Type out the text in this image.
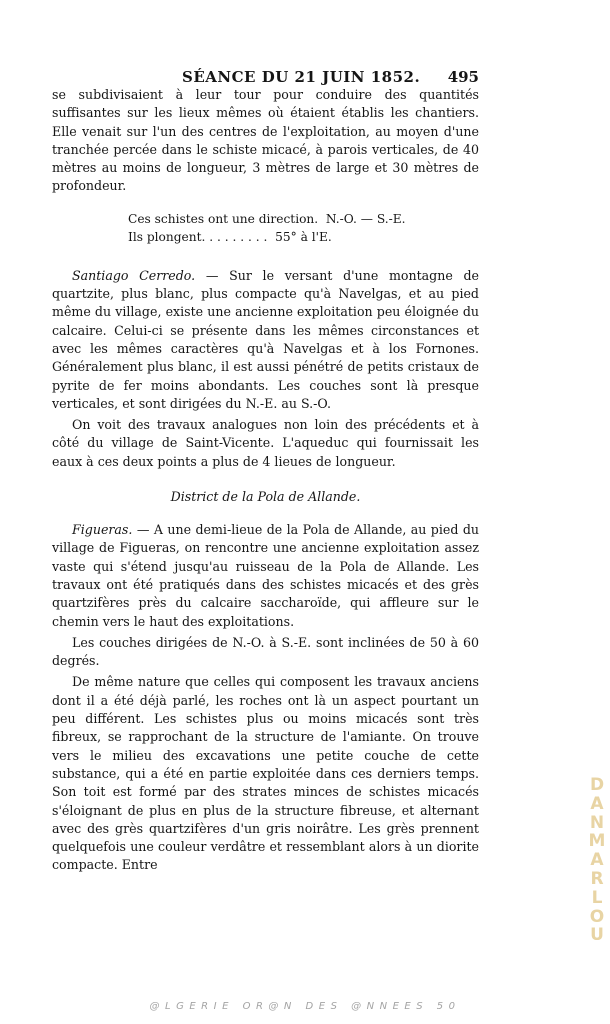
SÉANCE DU 21 JUIN 1852. 495

se subdivisaient à leur tour pour conduire des quantités suffisantes sur les lieux mêmes où étaient établis les chantiers. Elle venait sur l'un des centres de l'exploitation, au moyen d'une tranchée percée dans le schiste micacé, à parois verticales, de 40 mètres au moins de longueur, 3 mètres de large et 30 mètres de profondeur.

Ces schistes ont une direction.  N.-O. — S.-E.
Ils plongent. . . . . . . . .  55° à l'E.

Santiago Cerredo. — Sur le versant d'une montagne de quartzite, plus blanc, plus compacte qu'à Navelgas, et au pied même du village, existe une ancienne exploitation peu éloignée du calcaire. Celui-ci se présente dans les mêmes circonstances et avec les mêmes caractères qu'à Navelgas et à los Fornones. Généralement plus blanc, il est aussi pénétré de petits cristaux de pyrite de fer moins abondants. Les couches sont là presque verticales, et sont dirigées du N.-E. au S.-O.

On voit des travaux analogues non loin des précédents et à côté du village de Saint-Vicente. L'aqueduc qui fournissait les eaux à ces deux points a plus de 4 lieues de longueur.

District de la Pola de Allande.

Figueras. — A une demi-lieue de la Pola de Allande, au pied du village de Figueras, on rencontre une ancienne exploitation assez vaste qui s'étend jusqu'au ruisseau de la Pola de Allande. Les travaux ont été pratiqués dans des schistes micacés et des grès quartzifères près du calcaire saccharoïde, qui affleure sur le chemin vers le haut des exploitations.

Les couches dirigées de N.-O. à S.-E. sont inclinées de 50 à 60 degrés.

De même nature que celles qui composent les travaux anciens dont il a été déjà parlé, les roches ont là un aspect pourtant un peu différent. Les schistes plus ou moins micacés sont très fibreux, se rapprochant de la structure de l'amiante. On trouve vers le milieu des excavations une petite couche de cette substance, qui a été en partie exploitée dans ces derniers temps. Son toit est formé par des strates minces de schistes micacés s'éloignant de plus en plus de la structure fibreuse, et alternant avec des grès quartzifères d'un gris noirâtre. Les grès prennent quelquefois une couleur verdâtre et ressemblant alors à un diorite compacte. Entre

D
A
N
M
A
R
L
O
U
@LGERIE OR@N DES @NNEES 50
